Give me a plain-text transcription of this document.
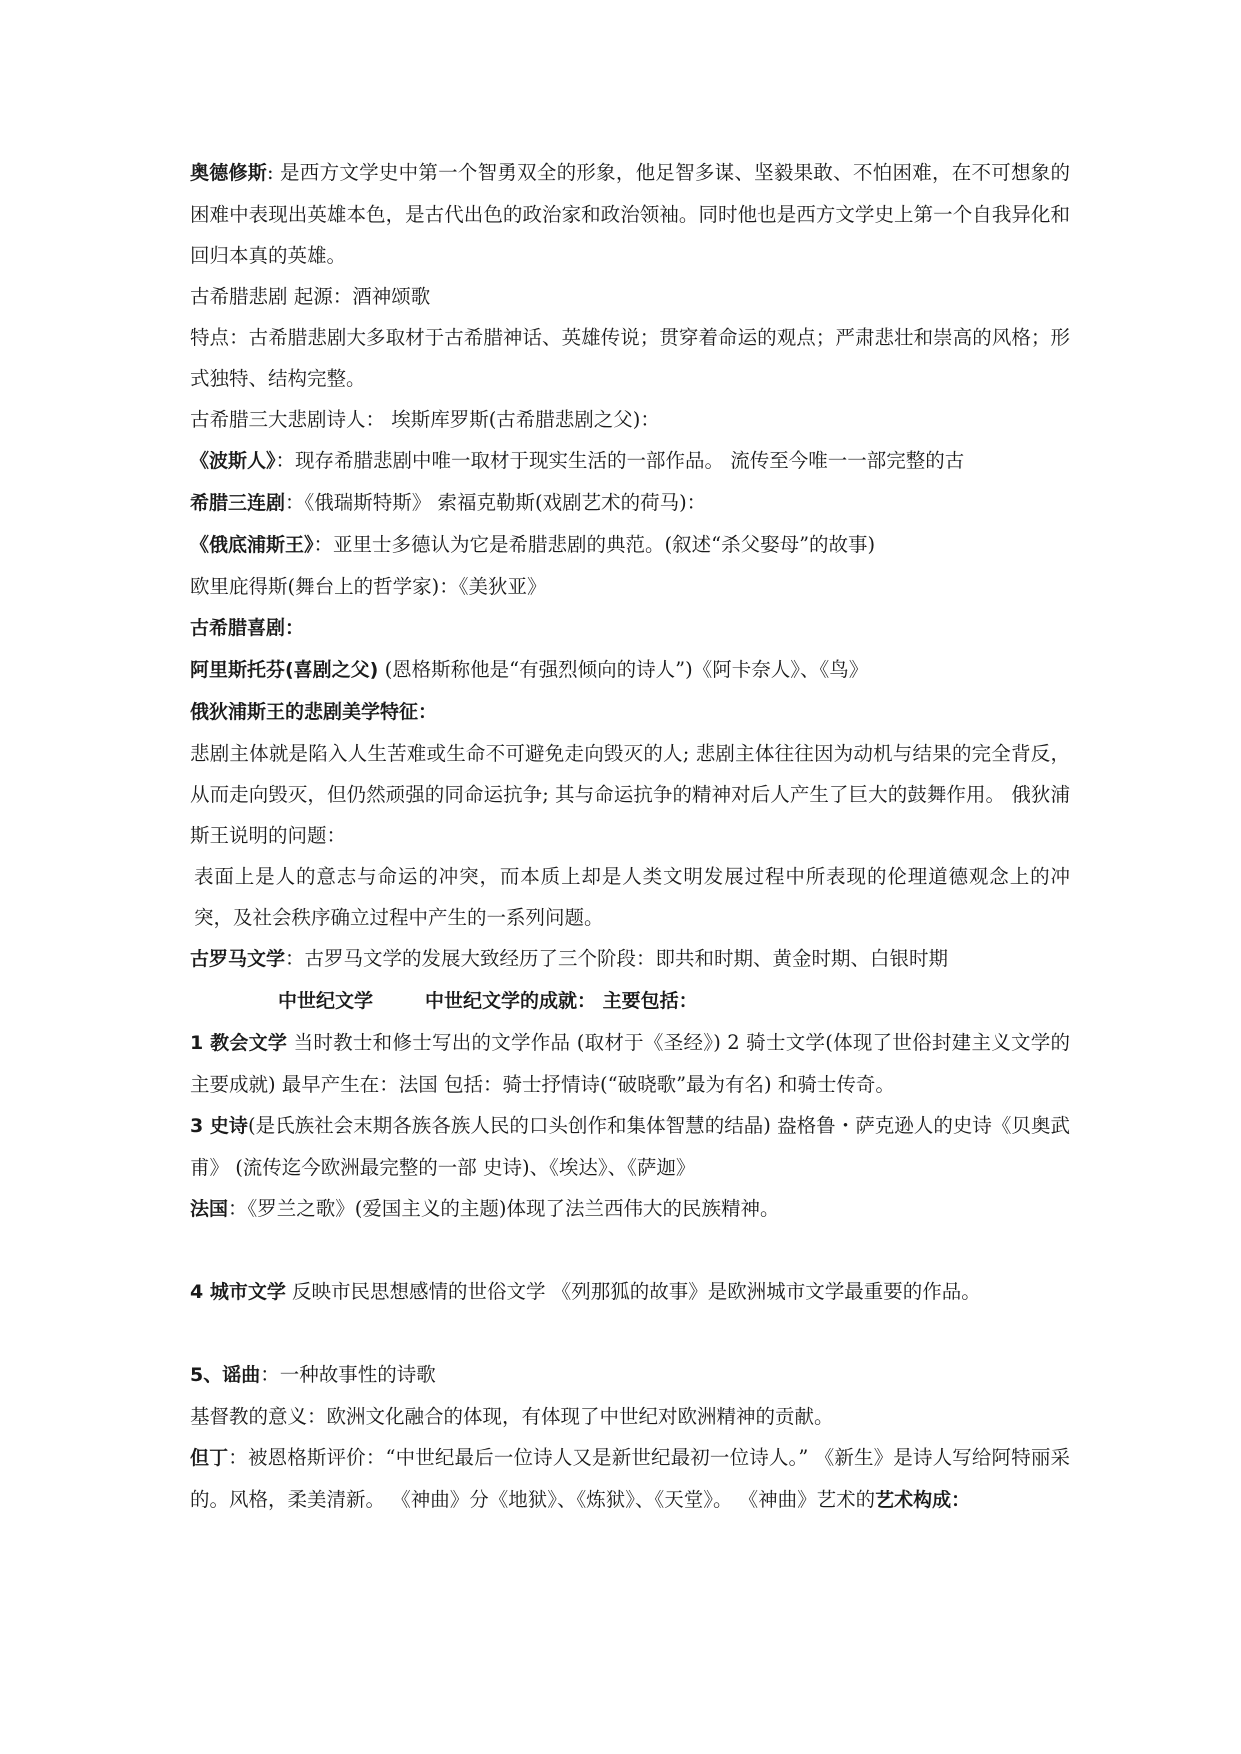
奥德修斯: 是西方文学史中第一个智勇双全的形象，他足智多谋、坚毅果敢、不怕困难，在不可想象的困难中表现出英雄本色，是古代出色的政治家和政治领袖。同时他也是西方文学史上第一个自我异化和回归本真的英雄。

古希腊悲剧 起源：酒神颂歌

特点：古希腊悲剧大多取材于古希腊神话、英雄传说；贯穿着命运的观点；严肃悲壮和崇高的风格；形式独特、结构完整。

古希腊三大悲剧诗人： 埃斯库罗斯(古希腊悲剧之父)：

《波斯人》：现存希腊悲剧中唯一取材于现实生活的一部作品。 流传至今唯一一部完整的古

希腊三连剧：《俄瑞斯特斯》 索福克勒斯(戏剧艺术的荷马)：

《俄底浦斯王》：亚里士多德认为它是希腊悲剧的典范。(叙述“杀父娶母”的故事)

欧里庇得斯(舞台上的哲学家)：《美狄亚》

古希腊喜剧：

阿里斯托芬(喜剧之父) (恩格斯称他是“有强烈倾向的诗人”)《阿卡奈人》、《鸟》

俄狄浦斯王的悲剧美学特征：

悲剧主体就是陷入人生苦难或生命不可避免走向毁灭的人; 悲剧主体往往因为动机与结果的完全背反，从而走向毁灭，但仍然顽强的同命运抗争; 其与命运抗争的精神对后人产生了巨大的鼓舞作用。 俄狄浦斯王说明的问题：

表面上是人的意志与命运的冲突，而本质上却是人类文明发展过程中所表现的伦理道德观念上的冲突，及社会秩序确立过程中产生的一系列问题。

古罗马文学：古罗马文学的发展大致经历了三个阶段：即共和时期、黄金时期、白银时期

中世纪文学	中世纪文学的成就： 主要包括：

1 教会文学 当时教士和修士写出的文学作品 (取材于《圣经》) 2 骑士文学(体现了世俗封建主义文学的主要成就) 最早产生在：法国 包括：骑士抒情诗(“破晓歌”最为有名) 和骑士传奇。

3 史诗(是氏族社会末期各族各族人民的口头创作和集体智慧的结晶) 盎格鲁・萨克逊人的史诗《贝奥武甫》 (流传迄今欧洲最完整的一部 史诗)、《埃达》、《萨迦》

法国：《罗兰之歌》(爱国主义的主题)体现了法兰西伟大的民族精神。

4 城市文学 反映市民思想感情的世俗文学 《列那狐的故事》是欧洲城市文学最重要的作品。

5、谣曲：一种故事性的诗歌

基督教的意义：欧洲文化融合的体现，有体现了中世纪对欧洲精神的贡献。

但丁：被恩格斯评价：“中世纪最后一位诗人又是新世纪最初一位诗人。” 《新生》是诗人写给阿特丽采的。风格，柔美清新。 《神曲》分《地狱》、《炼狱》、《天堂》。 《神曲》艺术的艺术构成：
